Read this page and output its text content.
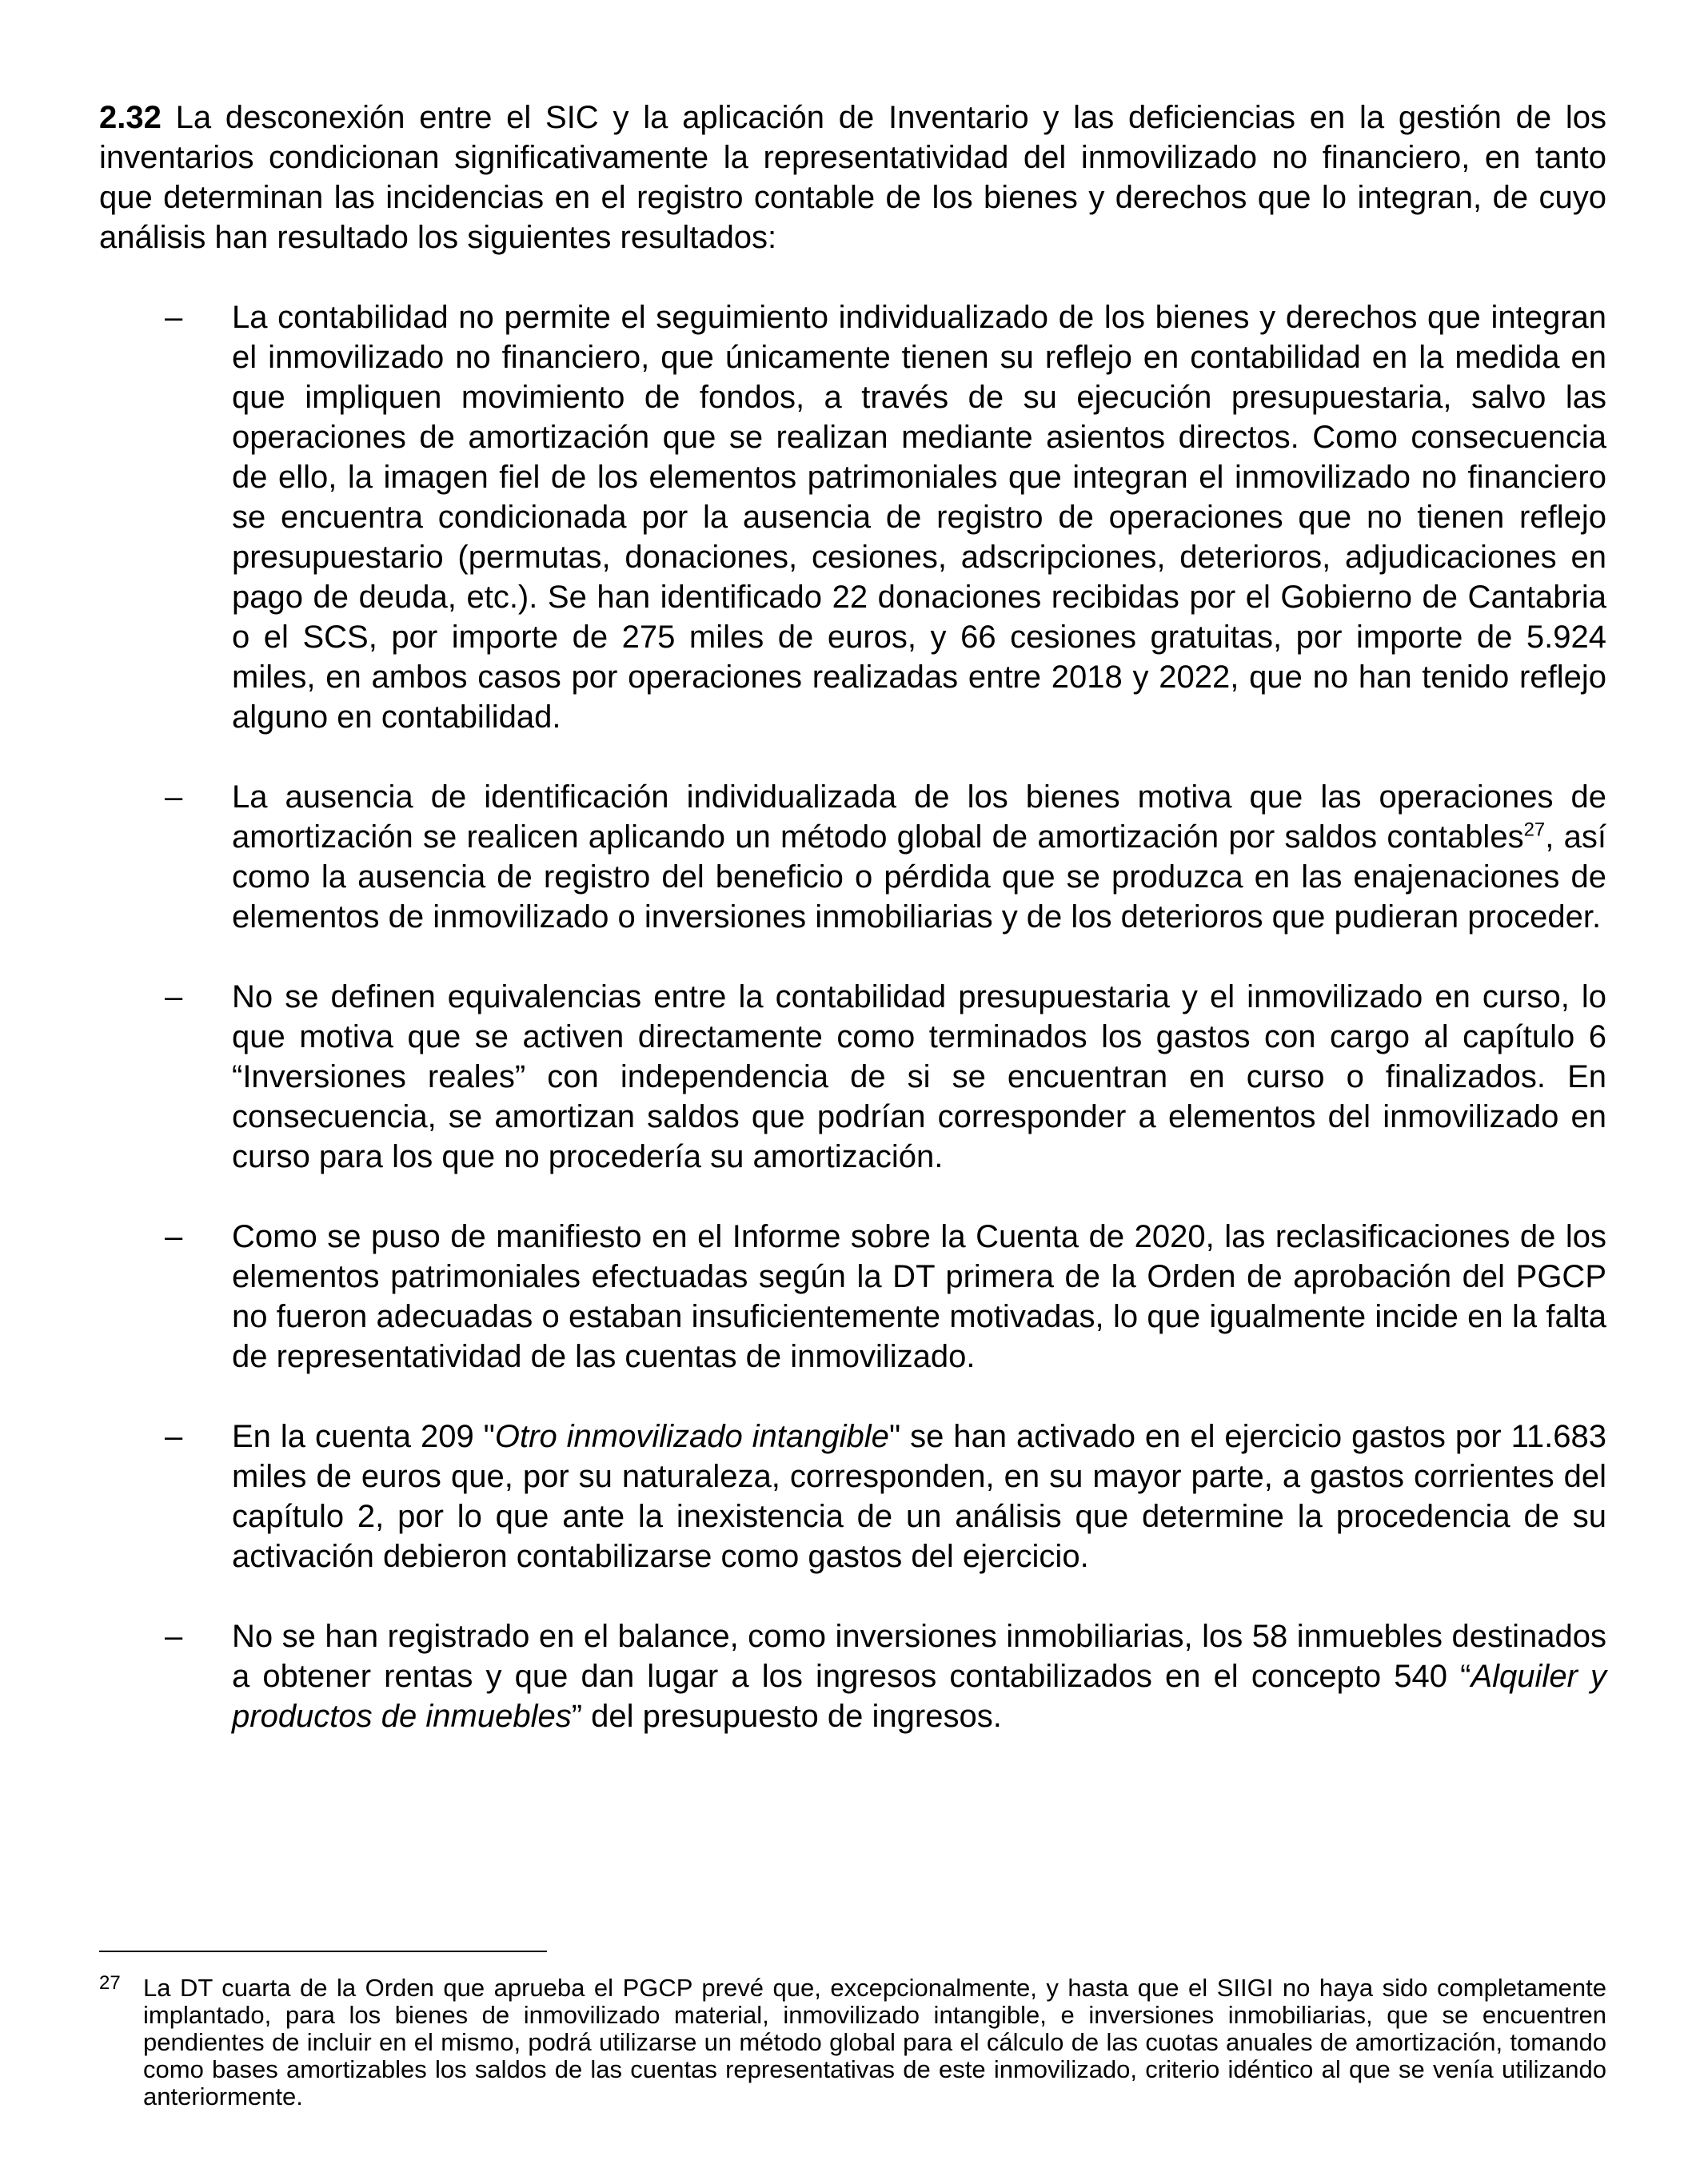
2.32 La desconexión entre el SIC y la aplicación de Inventario y las deficiencias en la gestión de los inventarios condicionan significativamente la representatividad del inmovilizado no financiero, en tanto que determinan las incidencias en el registro contable de los bienes y derechos que lo integran, de cuyo análisis han resultado los siguientes resultados:

–	La contabilidad no permite el seguimiento individualizado de los bienes y derechos que integran el inmovilizado no financiero, que únicamente tienen su reflejo en contabilidad en la medida en que impliquen movimiento de fondos, a través de su ejecución presupuestaria, salvo las operaciones de amortización que se realizan mediante asientos directos. Como consecuencia de ello, la imagen fiel de los elementos patrimoniales que integran el inmovilizado no financiero se encuentra condicionada por la ausencia de registro de operaciones que no tienen reflejo presupuestario (permutas, donaciones, cesiones, adscripciones, deterioros, adjudicaciones en pago de deuda, etc.). Se han identificado 22 donaciones recibidas por el Gobierno de Cantabria o el SCS, por importe de 275 miles de euros, y 66 cesiones gratuitas, por importe de 5.924 miles, en ambos casos por operaciones realizadas entre 2018 y 2022, que no han tenido reflejo alguno en contabilidad.
–	La ausencia de identificación individualizada de los bienes motiva que las operaciones de amortización se realicen aplicando un método global de amortización por saldos contables$^{27}$, así como la ausencia de registro del beneficio o pérdida que se produzca en las enajenaciones de elementos de inmovilizado o inversiones inmobiliarias y de los deterioros que pudieran proceder.
–	No se definen equivalencias entre la contabilidad presupuestaria y el inmovilizado en curso, lo que motiva que se activen directamente como terminados los gastos con cargo al capítulo 6 “Inversiones reales” con independencia de si se encuentran en curso o finalizados. En consecuencia, se amortizan saldos que podrían corresponder a elementos del inmovilizado en curso para los que no procedería su amortización.
–	Como se puso de manifiesto en el Informe sobre la Cuenta de 2020, las reclasificaciones de los elementos patrimoniales efectuadas según la DT primera de la Orden de aprobación del PGCP no fueron adecuadas o estaban insuficientemente motivadas, lo que igualmente incide en la falta de representatividad de las cuentas de inmovilizado.
–	En la cuenta 209 "Otro inmovilizado intangible" se han activado en el ejercicio gastos por 11.683 miles de euros que, por su naturaleza, corresponden, en su mayor parte, a gastos corrientes del capítulo 2, por lo que ante la inexistencia de un análisis que determine la procedencia de su activación debieron contabilizarse como gastos del ejercicio.
–	No se han registrado en el balance, como inversiones inmobiliarias, los 58 inmuebles destinados a obtener rentas y que dan lugar a los ingresos contabilizados en el concepto 540 “Alquiler y productos de inmuebles” del presupuesto de ingresos.
27 La DT cuarta de la Orden que aprueba el PGCP prevé que, excepcionalmente, y hasta que el SIIGI no haya sido completamente implantado, para los bienes de inmovilizado material, inmovilizado intangible, e inversiones inmobiliarias, que se encuentren pendientes de incluir en el mismo, podrá utilizarse un método global para el cálculo de las cuotas anuales de amortización, tomando como bases amortizables los saldos de las cuentas representativas de este inmovilizado, criterio idéntico al que se venía utilizando anteriormente.
